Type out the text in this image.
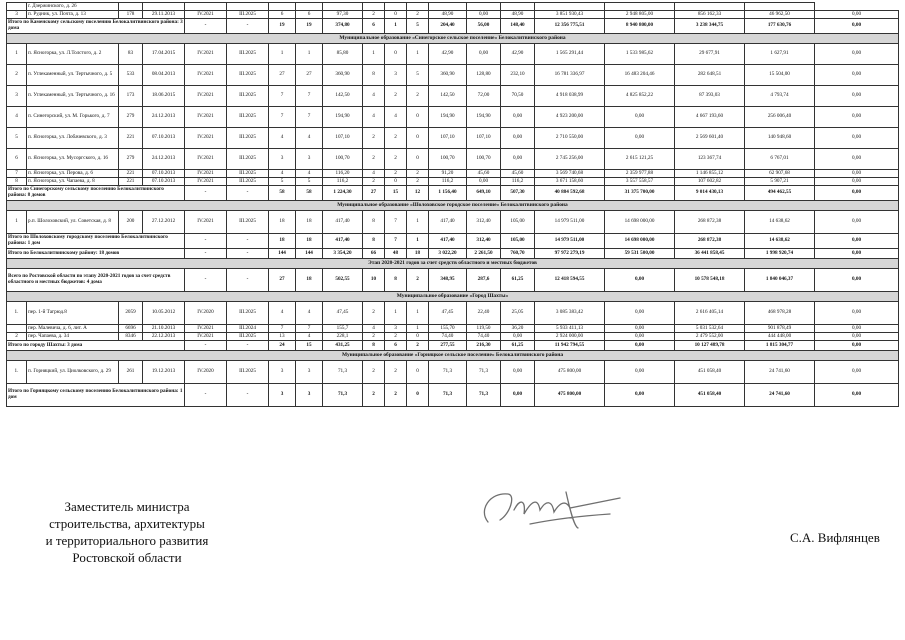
	г. Дзержинского, д. 26																		
3	п. Рудник, ул. Почта, д. 13	178	29.11.2013	IV.2021	III.2025	6	6	97,30	2	0	2	48,90	0,00	48,90	3 851 930,43	2 948 805,00	856 162,33	46 962,50	0,00
Итого по Каменскому сельскому поселению Белокалитвинского района: 3 дома				-	-	19	19	374,80	6	1	5	204,40	56,00	148,40	12 356 775,51	8 940 800,00	3 238 344,75	177 630,76	0,00
Муниципальное образование «Синегорское сельское поселение» Белокалитвинского района																			
1	п. Ясногорка, ул. Л.Толстого, д. 2	83	17.04.2015	IV.2021	III.2025	1	1	85,80	1	0	1	42,90	0,00	42,90	1 565 291,44	1 533 985,62	29 677,91	1 627,91	0,00
2	п. Углекаменный, ул. Тертычного, д. 5	533	08.04.2013	IV.2021	III.2025	27	27	360,90	8	3	5	360,90	128,80	232,10	16 781 336,97	16 483 204,46	282 648,51	15 504,00	0,00
3	п. Углекаменный, ул. Тертычного, д. 16	173	18.06.2015	IV.2021	III.2025	7	7	142,50	4	2	2	142,50	72,00	70,50	4 918 038,99	4 825 852,22	87 393,03	4 793,74	0,00
4	п. Синегорский, ул. М. Горького, д. 7	279	24.12.2013	IV.2021	III.2025	7	7	194,90	4	4	0	194,90	194,90	0,00	4 923 200,00	0,00	4 667 193,60	256 006,40	0,00
5	п. Ясногорка, ул. Лобачевского, д. 3	221	07.10.2013	IV.2021	III.2025	4	4	107,10	2	2	0	107,10	107,10	0,00	2 710 550,00	0,00	2 569 601,40	140 948,60	0,00
6	п. Ясногорка, ул. Мусоргского, д. 16	279	24.12.2013	IV.2021	III.2025	3	3	100,70	2	2	0	100,70	100,70	0,00	2 745 256,00	2 615 121,25	123 367,74	6 767,01	0,00
7	п. Ясногорка, ул. Перова, д. 6	221	07.10.2013	IV.2021	III.2025	4	4	116,20	4	2	2	91,20	45,60	45,60	3 569 740,68	2 359 977,88	1 146 855,12	62 907,68	0,00
8	п. Ясногорка, ул. Чапаева, д. 8	221	07.10.2013	IV.2021	III.2025	5	5	116,2	2	0	2	116,2	0,00	116,2	3 671 158,60	3 557 558,57	107 602,82	5 907,21	0,00
Итого по Синегорскому сельскому поселению Белокалитвинского района: 8 домов				-	-	58	58	1 224,30	27	15	12	1 156,40	649,10	507,30	40 884 592,68	31 375 700,00	9 014 430,13	494 462,55	0,00
Муниципальное образование «Шолоховское городское поселение» Белокалитвинского района																			
1	р.п. Шолоховский, ул. Советская, д. 8	200	27.12.2012	IV.2021	III.2025	18	18	417,40	8	7	1	417,40	312,40	105,00	14 979 511,00	14 698 000,00	268 872,38	14 638,62	0,00
Итого по Шолоховскому городскому поселению Белокалитвинского района: 1 дом				-	-	18	18	417,40	8	7	1	417,40	312,40	105,00	14 979 511,00	14 698 000,00	268 872,38	14 638,62	0,00
Итого по Белокалитвинскому району: 18 домов				-	-	144	144	3 354,20	66	48	18	3 022,20	2 261,50	760,70	97 972 279,19	59 531 500,00	36 441 858,45	1 998 920,74	0,00
Этап 2020-2021 годов за счет средств областного и местных бюджетов																			
Всего по Ростовской области по этапу 2020-2021 годов за счет средств областного и местных бюджетов: 4 дома				-	-	27	18	502,55	10	8	2	348,95	287,6	61,25	12 418 594,55	0,00	10 578 548,18	1 840 046,37	0,00
Муниципальное образование «Город Шахты»																			
1.	пер. 1-й Тагрюд.8	2059	10.05.2012	IV.2020	III.2025	4	4	47,45	2	1	1	47,45	22,40	25,05	3 085 383,42	0,00	2 616 405,14	468 978,28	0,00
	пер. Малевича, д. 6, лит. А	6696	21.10.2013	IV.2021	III.2024	7	7	155,7	4	3	1	155,70	119,50	36,20	5 933 411,13	0,00	5 031 532,64	901 878,49	0,00
2	пер. Чапаева, д. 34	8346	22.12.2013	IV.2021	III.2025	13	4	228,1	2	2	0	74,40	74,40	0,00	2 924 000,00	0,00	2 479 552,00	444 448,00	0,00
Итого по городу Шахты: 3 дома				-	-	24	15	431,25	8	6	2	277,55	216,30	61,25	11 942 794,55	0,00	10 127 489,78	1 815 304,77	0,00
Муниципальное образование «Горняцкое сельское поселение» Белокалитвинского района																			
1.	п. Горняцкий, ул. Циолковского, д. 29	261	19.12.2013	IV.2020	III.2025	3	3	71,3	2	2	0	71,3	71,3	0,00	475 800,00	0,00	451 058,40	24 741,60	0,00
Итого по Горняцкому сельскому поселению Белокалитвинского района: 1 дом				-	-	3	3	71,3	2	2	0	71,3	71,3	0,00	475 800,00	0,00	451 058,40	24 741,60	0,00
Заместитель министра
строительства, архитектуры
и территориального развития
Ростовской области
С.А. Вифлянцев
